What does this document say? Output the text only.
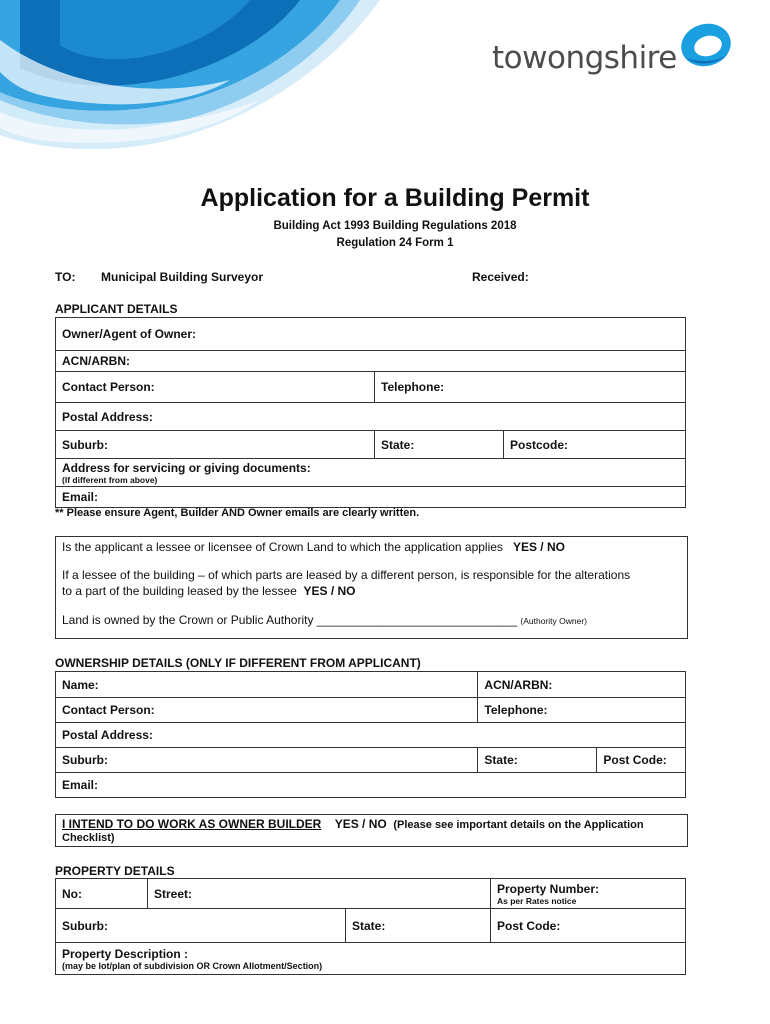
towongshire
Application for a Building Permit
Building Act 1993 Building Regulations 2018
Regulation 24 Form 1
TO: Municipal Building Surveyor	Received:
APPLICANT DETAILS
Owner/Agent of Owner:		
ACN/ARBN:		
Contact Person:	Telephone:	
Postal Address:		
Suburb:	State:	Postcode:

Address for servicing or giving documents:
(If different from above)		

Email:		
** Please ensure Agent, Builder AND Owner emails are clearly written.
Is the applicant a lessee or licensee of Crown Land to which the application applies YES / NO
If a lessee of the building – of which parts are leased by a different person, is responsible for the alterations
to a part of the building leased by the lessee YES / NO
Land is owned by the Crown or Public Authority ______________________________ (Authority Owner)
OWNERSHIP DETAILS (ONLY IF DIFFERENT FROM APPLICANT)
Name:	ACN/ARBN:	
Contact Person:	Telephone:	
Postal Address:		
Suburb:	State:	Post Code:
Email:		
I INTEND TO DO WORK AS OWNER BUILDER YES / NO (Please see important details on the Application
Checklist)
PROPERTY DETAILS
No:	Street:		Property Number:
As per Rates notice

Suburb:		State:	Post Code:

Property Description :
(may be lot/plan of subdivision OR Crown Allotment/Section)			
